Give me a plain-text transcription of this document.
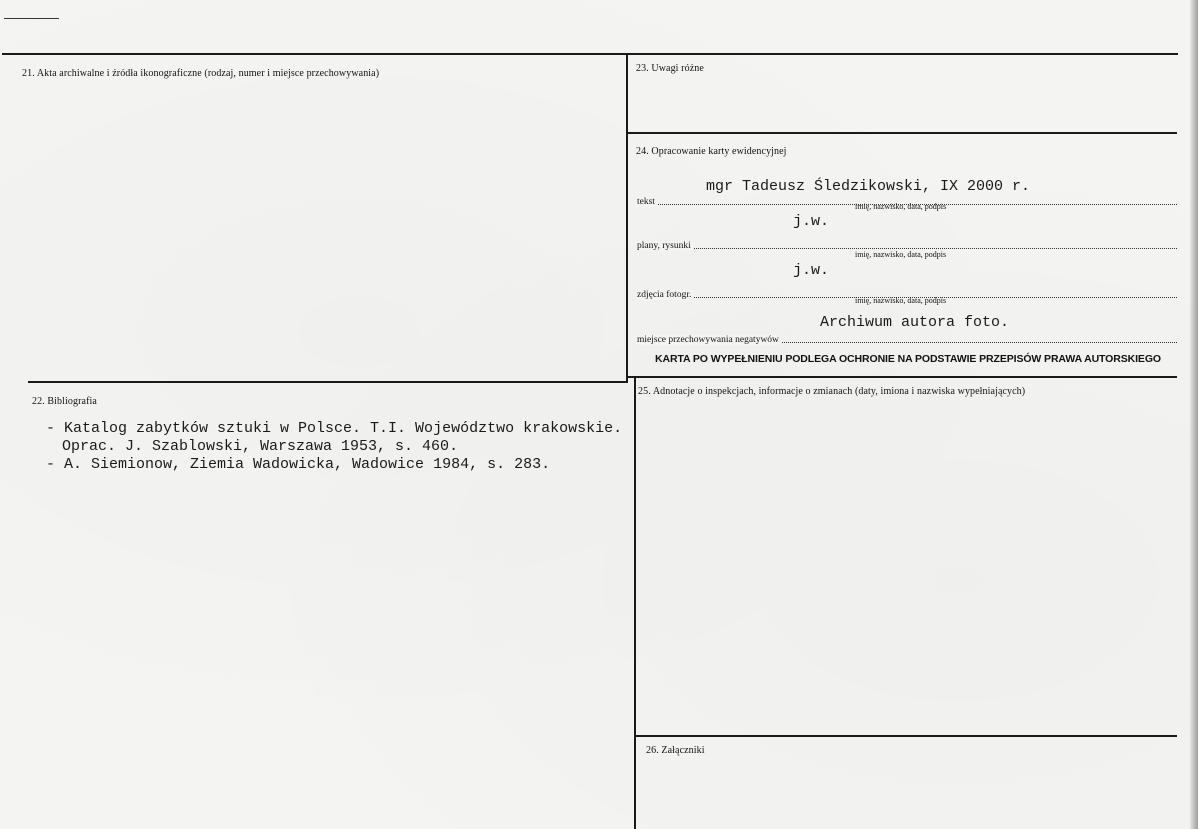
21. Akta archiwalne i źródła ikonograficzne (rodzaj, numer i miejsce przechowywania)	23. Uwagi różne
24. Opracowanie karty ewidencyjnej
mgr Tadeusz Śledzikowski, IX 2000 r.
tekst	imię, nazwisko, data, podpis
j.w.
plany, rysunki
imię, nazwisko, data, podpis
j.w.
zdjęcia fotogr.
imię, nazwisko, data, podpis
Archiwum autora foto.
miejsce przechowywania negatywów
KARTA PO WYPEŁNIENIU PODLEGA OCHRONIE NA PODSTAWIE PRZEPISÓW PRAWA AUTORSKIEGO
22. Bibliografia
- Katalog zabytków sztuki w Polsce. T.I. Województwo krakowskie.
Oprac. J. Szablowski, Warszawa 1953, s. 460.
- A. Siemionow, Ziemia Wadowicka, Wadowice 1984, s. 283.
25. Adnotacje o inspekcjach, informacje o zmianach (daty, imiona i nazwiska wypełniających)
26. Załączniki
